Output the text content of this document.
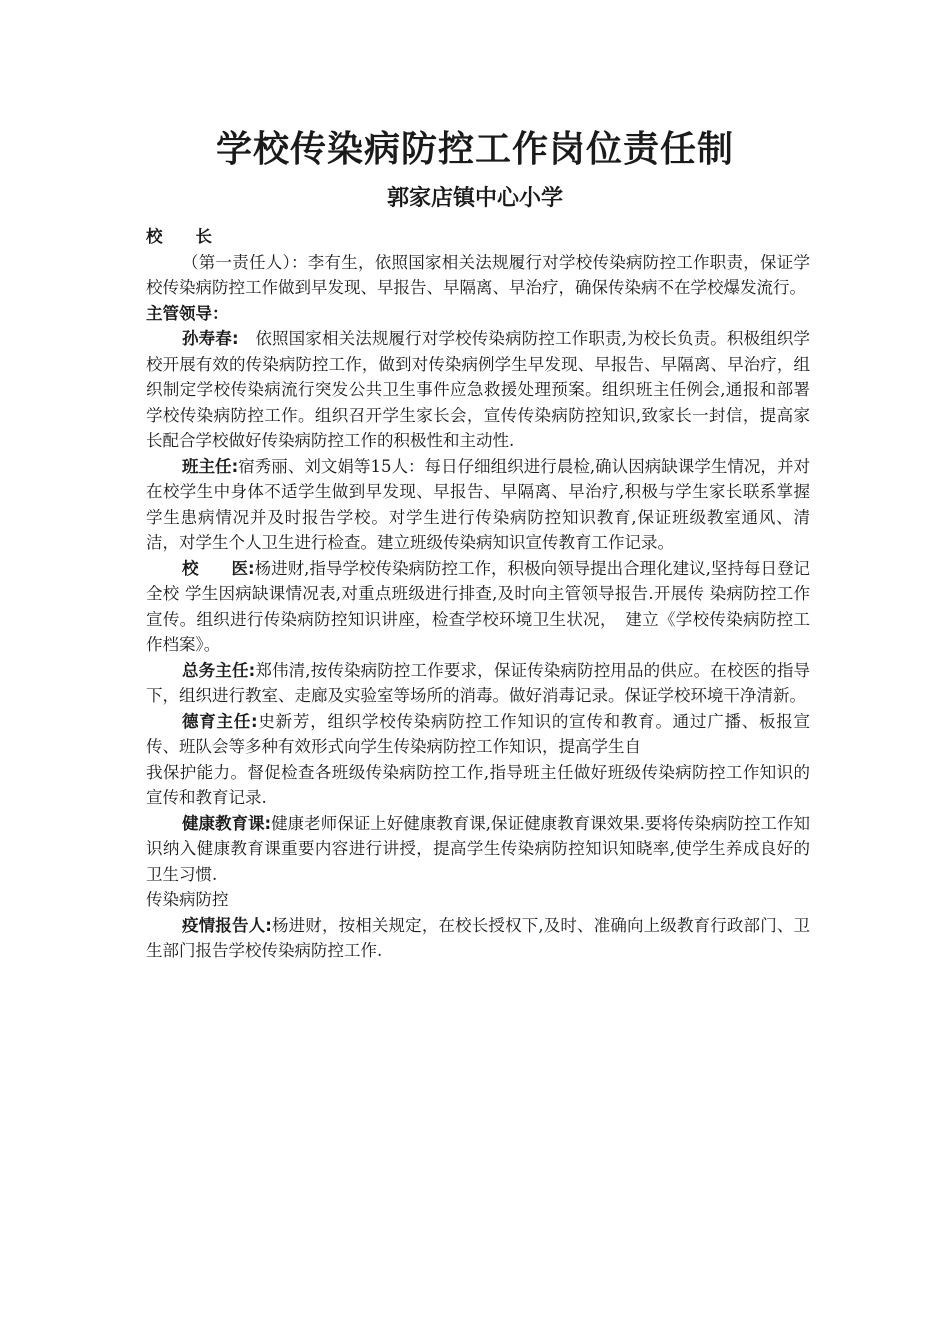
学校传染病防控工作岗位责任制
郭家店镇中心小学

校　　长

（第一责任人）：李有生，依照国家相关法规履行对学校传染病防控工作职责，保证学校传染病防控工作做到早发现、早报告、早隔离、早治疗，确保传染病不在学校爆发流行。

主管领导：

孙寿春:　依照国家相关法规履行对学校传染病防控工作职责,为校长负责。积极组织学校开展有效的传染病防控工作，做到对传染病例学生早发现、早报告、早隔离、早治疗，组织制定学校传染病流行突发公共卫生事件应急救援处理预案。组织班主任例会,通报和部署学校传染病防控工作。组织召开学生家长会，宣传传染病防控知识,致家长一封信，提高家长配合学校做好传染病防控工作的积极性和主动性.

班主任:宿秀丽、刘文娟等15人：每日仔细组织进行晨检,确认因病缺课学生情况，并对在校学生中身体不适学生做到早发现、早报告、早隔离、早治疗,积极与学生家长联系掌握学生患病情况并及时报告学校。对学生进行传染病防控知识教育,保证班级教室通风、清洁，对学生个人卫生进行检查。建立班级传染病知识宣传教育工作记录。

校　　医:杨进财,指导学校传染病防控工作，积极向领导提出合理化建议,坚持每日登记全校 学生因病缺课情况表,对重点班级进行排查,及时向主管领导报告.开展传 染病防控工作宣传。组织进行传染病防控知识讲座，检查学校环境卫生状况，　建立《学校传染病防控工作档案》。

总务主任:郑伟清,按传染病防控工作要求，保证传染病防控用品的供应。在校医的指导下，组织进行教室、走廊及实验室等场所的消毒。做好消毒记录。保证学校环境干净清新。

德育主任:史新芳，组织学校传染病防控工作知识的宣传和教育。通过广播、板报宣传、班队会等多种有效形式向学生传染病防控工作知识，提高学生自

我保护能力。督促检查各班级传染病防控工作,指导班主任做好班级传染病防控工作知识的宣传和教育记录.

健康教育课:健康老师保证上好健康教育课,保证健康教育课效果.要将传染病防控工作知识纳入健康教育课重要内容进行讲授，提高学生传染病防控知识知晓率,使学生养成良好的卫生习惯.

传染病防控

疫情报告人:杨进财，按相关规定，在校长授权下,及时、准确向上级教育行政部门、卫生部门报告学校传染病防控工作.
